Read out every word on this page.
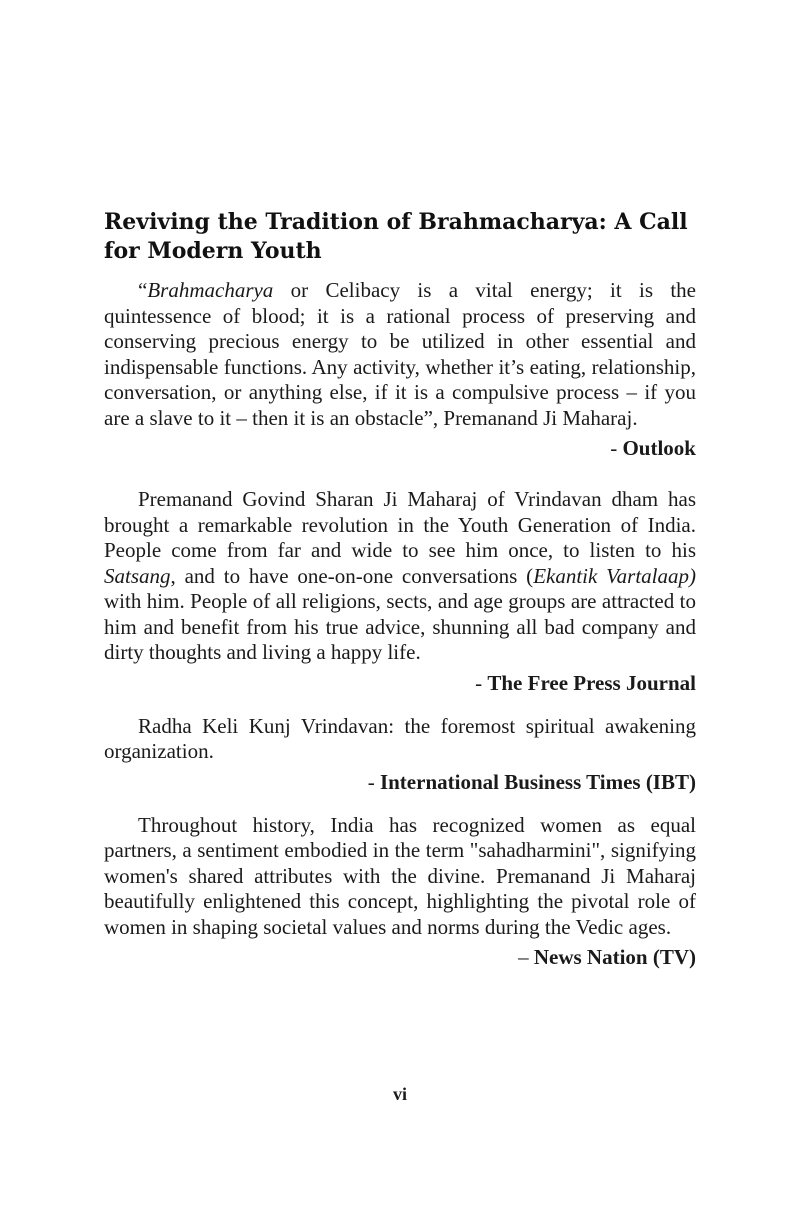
Reviving the Tradition of Brahmacharya: A Call for Modern Youth

“Brahmacharya or Celibacy is a vital energy; it is the quintessence of blood; it is a rational process of preserving and conserving precious energy to be utilized in other essential and indispensable functions. Any activity, whether it’s eating, relationship, conversation, or anything else, if it is a compulsive process – if you are a slave to it – then it is an obstacle”, Premanand Ji Maharaj.

- Outlook

Premanand Govind Sharan Ji Maharaj of Vrindavan dham has brought a remarkable revolution in the Youth Generation of India. People come from far and wide to see him once, to listen to his Satsang, and to have one-on-one conversations (Ekantik Vartalaap) with him. People of all religions, sects, and age groups are attracted to him and benefit from his true advice, shunning all bad company and dirty thoughts and living a happy life.

- The Free Press Journal

Radha Keli Kunj Vrindavan: the foremost spiritual awakening organization.

- International Business Times (IBT)

Throughout history, India has recognized women as equal partners, a sentiment embodied in the term "sahadharmini", signifying women's shared attributes with the divine. Premanand Ji Maharaj beautifully enlightened this concept, highlighting the pivotal role of women in shaping societal values and norms during the Vedic ages.

– News Nation (TV)

vi
